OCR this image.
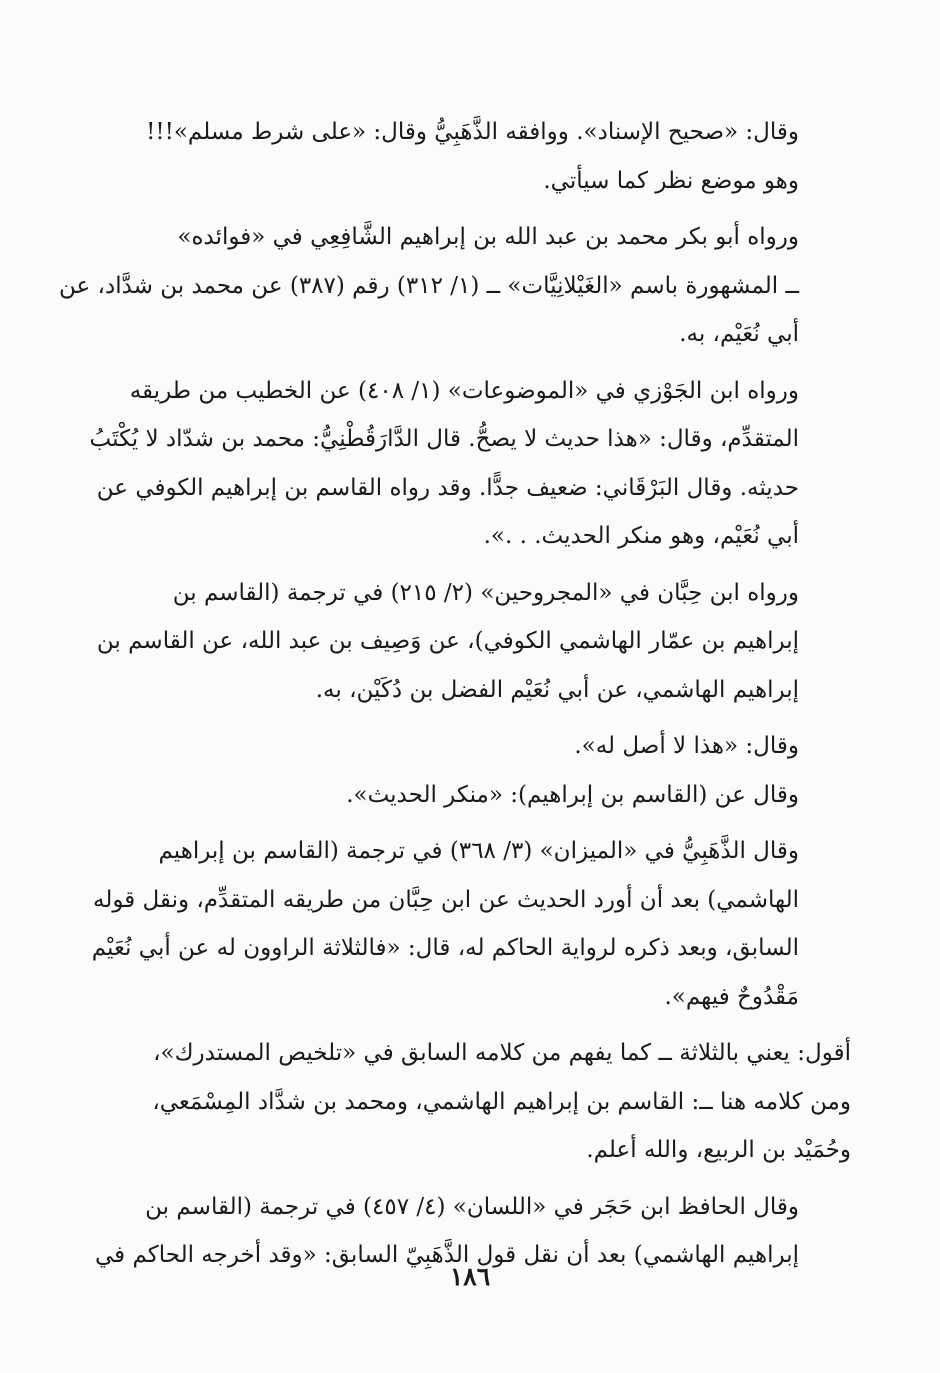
وقال: «صحيح الإسناد». ووافقه الذَّهَبِيُّ وقال: «على شرط مسلم»!!!
وهو موضع نظر كما سيأتي.
ورواه أبو بكر محمد بن عبد الله بن إبراهيم الشَّافِعِي في «فوائده»
ــ المشهورة باسم «الغَيْلانِيَّات» ــ (١/ ٣١٢) رقم (٣٨٧) عن محمد بن شدَّاد، عن
أبي نُعَيْم، به.
ورواه ابن الجَوْزي في «الموضوعات» (١/ ٤٠٨) عن الخطيب من طريقه
المتقدِّم، وقال: «هذا حديث لا يصحُّ. قال الدَّارَقُطْنِيُّ: محمد بن شدّاد لا يُكْتَبُ
حديثه. وقال البَرْقَاني: ضعيف جدًّا. وقد رواه القاسم بن إبراهيم الكوفي عن
أبي نُعَيْم، وهو منكر الحديث. . .».
ورواه ابن حِبَّان في «المجروحين» (٢/ ٢١٥) في ترجمة (القاسم بن
إبراهيم بن عمّار الهاشمي الكوفي)، عن وَصِيف بن عبد الله، عن القاسم بن
إبراهيم الهاشمي، عن أبي نُعَيْم الفضل بن دُكَيْن، به.
وقال: «هذا لا أصل له».
وقال عن (القاسم بن إبراهيم): «منكر الحديث».
وقال الذَّهَبِيُّ في «الميزان» (٣/ ٣٦٨) في ترجمة (القاسم بن إبراهيم
الهاشمي) بعد أن أورد الحديث عن ابن حِبَّان من طريقه المتقدِّم، ونقل قوله
السابق، وبعد ذكره لرواية الحاكم له، قال: «فالثلاثة الراوون له عن أبي نُعَيْم
مَقْدُوحٌ فيهم».
أقول: يعني بالثلاثة ــ كما يفهم من كلامه السابق في «تلخيص المستدرك»،
ومن كلامه هنا ــ: القاسم بن إبراهيم الهاشمي، ومحمد بن شدَّاد المِسْمَعي،
وحُمَيْد بن الربيع، والله أعلم.
وقال الحافظ ابن حَجَر في «اللسان» (٤/ ٤٥٧) في ترجمة (القاسم بن
إبراهيم الهاشمي) بعد أن نقل قول الذَّهَبِيّ السابق: «وقد أخرجه الحاكم في
١٨٦
